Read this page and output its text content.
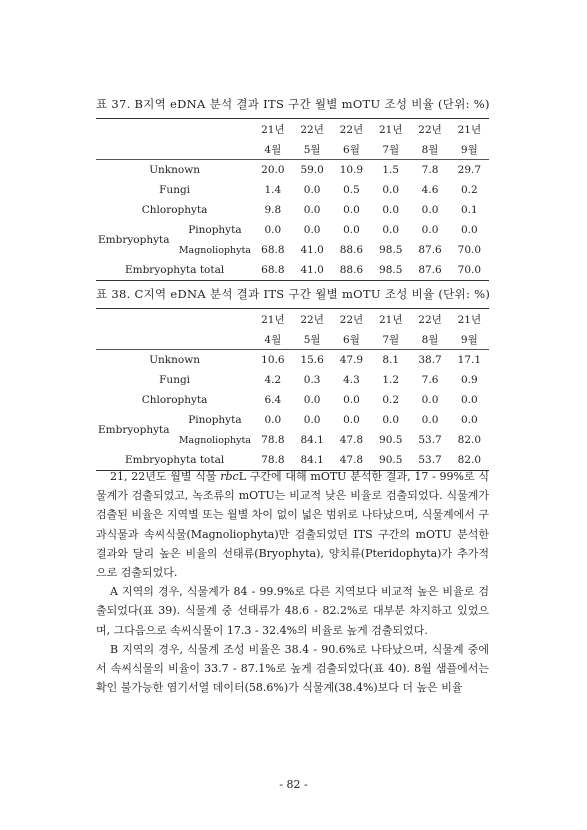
표 37. B지역 eDNA 분석 결과 ITS 구간 월별 mOTU 조성 비율 (단위: %)
		21년	22년	22년	21년	22년	21년
		4월	5월	6월	7월	8월	9월
Unknown		20.0	59.0	10.9	1.5	7.8	29.7
Fungi		1.4	0.0	0.5	0.0	4.6	0.2
Chlorophyta		9.8	0.0	0.0	0.0	0.0	0.1
Embryophyta	Pinophyta	0.0	0.0	0.0	0.0	0.0	0.0
	Magnoliophyta	68.8	41.0	88.6	98.5	87.6	70.0
Embryophyta total		68.8	41.0	88.6	98.5	87.6	70.0
표 38. C지역 eDNA 분석 결과 ITS 구간 월별 mOTU 조성 비율 (단위: %)
		21년	22년	22년	21년	22년	21년
		4월	5월	6월	7월	8월	9월
Unknown		10.6	15.6	47.9	8.1	38.7	17.1
Fungi		4.2	0.3	4.3	1.2	7.6	0.9
Chlorophyta		6.4	0.0	0.0	0.2	0.0	0.0
Embryophyta	Pinophyta	0.0	0.0	0.0	0.0	0.0	0.0
	Magnoliophyta	78.8	84.1	47.8	90.5	53.7	82.0
Embryophyta total		78.8	84.1	47.8	90.5	53.7	82.0

21, 22년도 월별 식물 rbcL 구간에 대해 mOTU 분석한 결과, 17 - 99%로 식물계가 검출되었고, 녹조류의 mOTU는 비교적 낮은 비율로 검출되었다. 식물계가 검출된 비율은 지역별 또는 월별 차이 없이 넓은 범위로 나타났으며, 식물계에서 구과식물과 속씨식물(Magnoliophyta)만 검출되었던 ITS 구간의 mOTU 분석한 결과와 달리 높은 비율의 선태류(Bryophyta), 양치류(Pteridophyta)가 추가적으로 검출되었다.

A 지역의 경우, 식물계가 84 - 99.9%로 다른 지역보다 비교적 높은 비율로 검출되었다(표 39). 식물계 중 선태류가 48.6 - 82.2%로 대부분 차지하고 있었으며, 그다음으로 속씨식물이 17.3 - 32.4%의 비율로 높게 검출되었다.

B 지역의 경우, 식물계 조성 비율은 38.4 - 90.6%로 나타났으며, 식물계 중에서 속씨식물의 비율이 33.7 - 87.1%로 높게 검출되었다(표 40). 8월 샘플에서는 확인 불가능한 염기서열 데이터(58.6%)가 식물계(38.4%)보다 더 높은 비율

- 82 -
